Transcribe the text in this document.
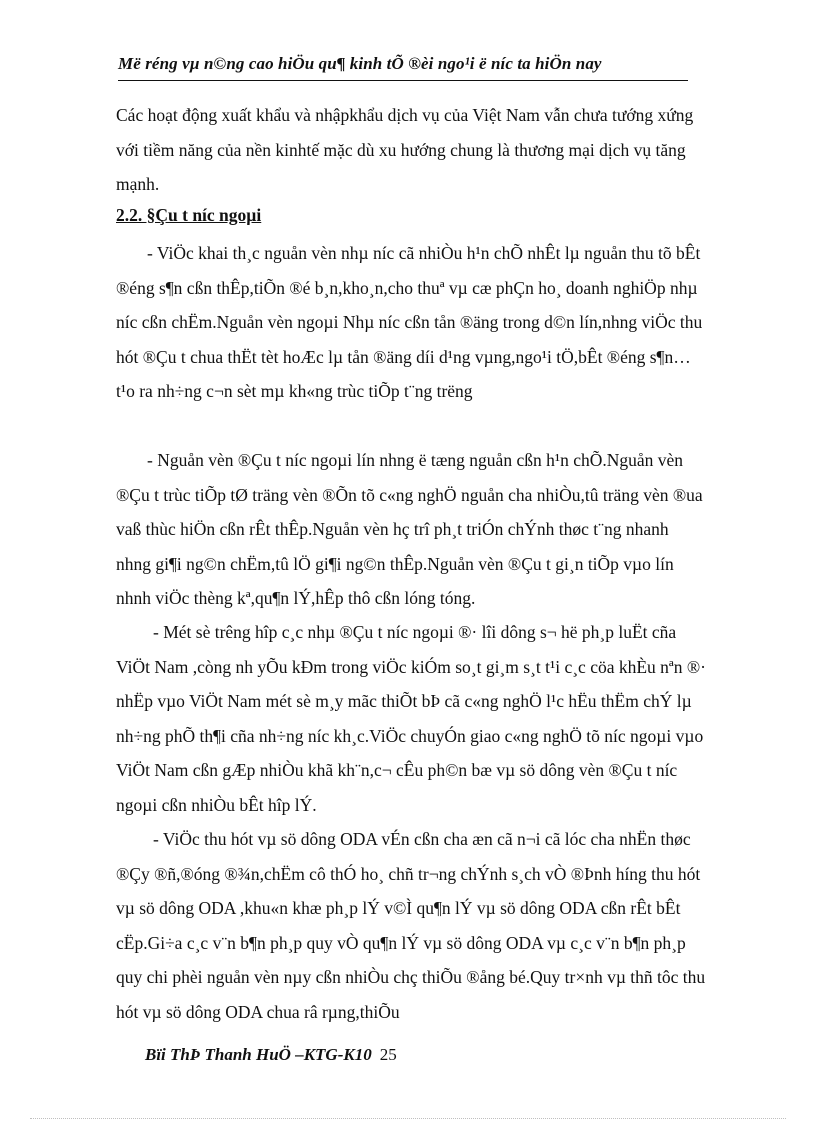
Më réng vµ n©ng cao hiÖu qu¶ kinh tÕ ®èi ngo¹i ë níc ta hiÖn nay

Các hoạt động xuất khẩu và nhậpkhẩu dịch vụ của Việt Nam vẫn chưa tướng xứng với tiềm năng của nền kinhtế mặc dù xu hướng chung là thương mại dịch vụ tăng mạnh.

2.2. §Çu t níc ngoµi

- ViÖc khai th¸c nguån vèn nhµ níc cã nhiÒu h¹n chÕ nhÊt lµ nguån thu tõ bÊt ®éng s¶n cßn thÊp,tiÕn ®é b¸n,kho¸n,cho thuª vµ cæ phÇn ho¸ doanh nghiÖp nhµ níc cßn chËm.Nguån vèn ngoµi Nhµ níc cßn tån ®äng trong d©n lín,nhng viÖc thu hót ®Çu t chua thËt tèt hoÆc lµ tån ®äng díi d¹ng vµng,ngo¹i tÖ,bÊt ®éng s¶n…t¹o ra nh÷ng c¬n sèt mµ kh«ng trùc tiÕp t¨ng trëng

- Nguån vèn ®Çu t níc ngoµi lín nhng ë tæng nguån cßn h¹n chÕ.Nguån vèn ®Çu t trùc tiÕp tØ träng vèn ®Õn tõ c«ng nghÖ nguån cha nhiÒu,tû träng vèn ®ua vaß thùc hiÖn cßn rÊt thÊp.Nguån vèn hç trî ph¸t triÓn chÝnh thøc t¨ng nhanh nhng gi¶i ng©n chËm,tû lÖ gi¶i ng©n thÊp.Nguån vèn ®Çu t gi¸n tiÕp vµo lín nhnh viÖc thèng kª,qu¶n lÝ,hÊp thô cßn lóng tóng.

- Mét sè trêng hîp c¸c nhµ ®Çu t níc ngoµi ®· lîi dông s¬ hë ph¸p luËt cña ViÖt Nam ,còng nh yÕu kÐm trong viÖc kiÓm so¸t gi¸m s¸t t¹i c¸c cöa khÈu nªn ®· nhËp vµo ViÖt Nam mét sè m¸y mãc thiÕt bÞ cã c«ng nghÖ l¹c hËu thËm chÝ lµ nh÷ng phÕ th¶i cña nh÷ng níc kh¸c.ViÖc chuyÓn giao c«ng nghÖ tõ níc ngoµi vµo ViÖt Nam cßn gÆp nhiÒu khã kh¨n,c¬ cÊu ph©n bæ vµ sö dông vèn ®Çu t níc ngoµi cßn nhiÒu bÊt hîp lÝ.

- ViÖc thu hót vµ sö dông ODA vÉn cßn cha æn cã n¬i cã lóc cha nhËn thøc ®Çy ®ñ,®óng ®¾n,chËm cô thÓ ho¸ chñ tr¬ng chÝnh s¸ch vÒ ®Þnh híng thu hót vµ sö dông ODA ,khu«n khæ ph¸p lÝ v©Ì qu¶n lÝ vµ sö dông ODA cßn rÊt bÊt cËp.Gi÷a c¸c v¨n b¶n ph¸p quy vÒ qu¶n lÝ vµ sö dông ODA vµ c¸c v¨n b¶n ph¸p quy chi phèi nguån vèn nµy cßn nhiÒu chç thiÕu ®ång bé.Quy tr×nh vµ thñ tôc thu hót vµ sö dông ODA chua râ rµng,thiÕu

Bïi ThÞ Thanh HuÖ –KTG-K10 25
